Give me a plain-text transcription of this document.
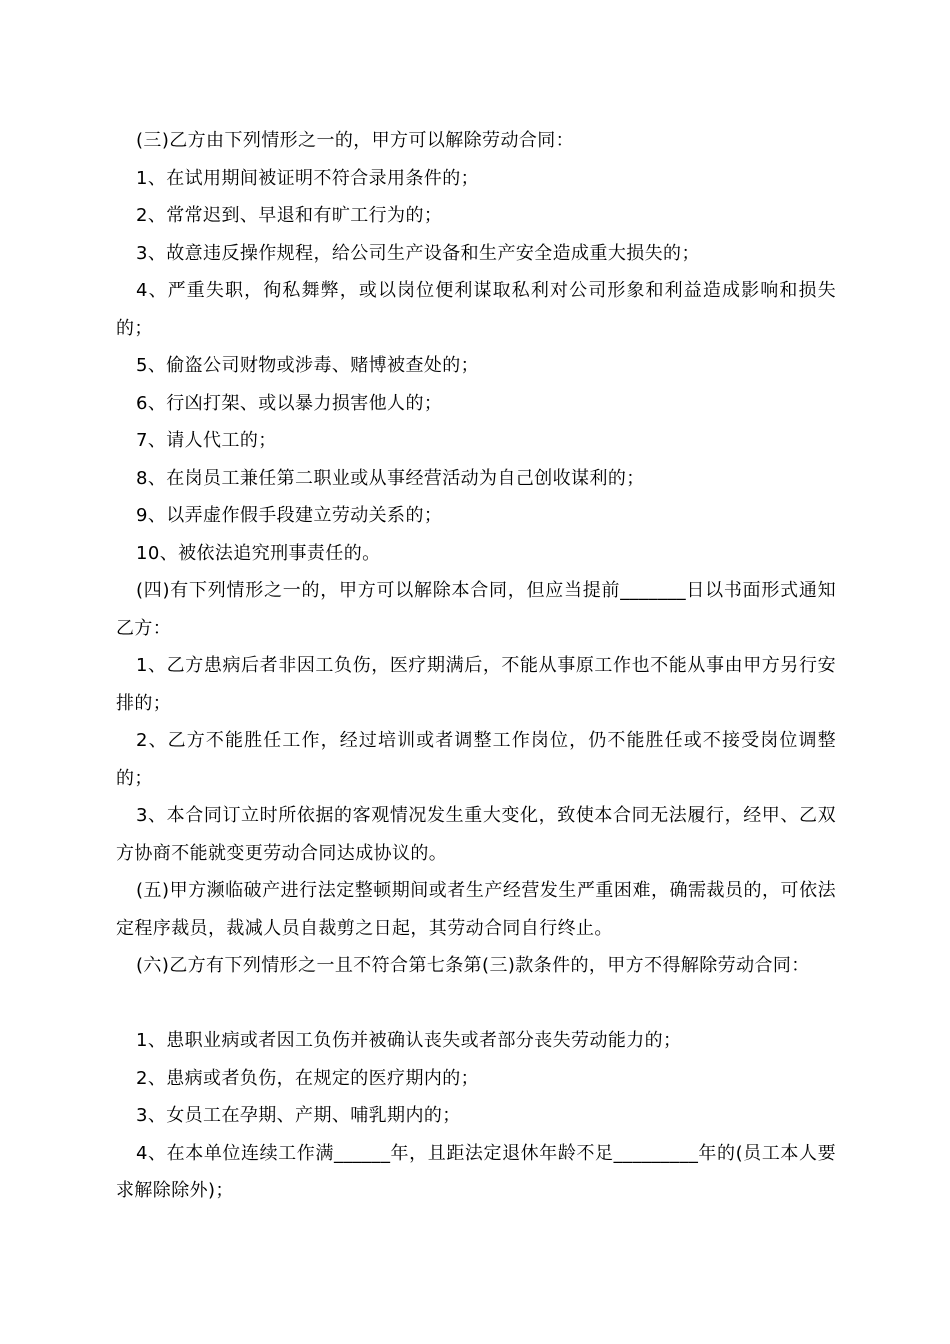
(三)乙方由下列情形之一的，甲方可以解除劳动合同：

1、在试用期间被证明不符合录用条件的；

2、常常迟到、早退和有旷工行为的；

3、故意违反操作规程，给公司生产设备和生产安全造成重大损失的；

4、严重失职，徇私舞弊，或以岗位便利谋取私利对公司形象和利益造成影响和损失的；

5、偷盗公司财物或涉毒、赌博被查处的；

6、行凶打架、或以暴力损害他人的；

7、请人代工的；

8、在岗员工兼任第二职业或从事经营活动为自己创收谋利的；

9、以弄虚作假手段建立劳动关系的；

10、被依法追究刑事责任的。

(四)有下列情形之一的，甲方可以解除本合同，但应当提前_______日以书面形式通知乙方：

1、乙方患病后者非因工负伤，医疗期满后，不能从事原工作也不能从事由甲方另行安排的；

2、乙方不能胜任工作，经过培训或者调整工作岗位，仍不能胜任或不接受岗位调整的；

3、本合同订立时所依据的客观情况发生重大变化，致使本合同无法履行，经甲、乙双方协商不能就变更劳动合同达成协议的。

(五)甲方濒临破产进行法定整顿期间或者生产经营发生严重困难，确需裁员的，可依法定程序裁员，裁减人员自裁剪之日起，其劳动合同自行终止。

(六)乙方有下列情形之一且不符合第七条第(三)款条件的，甲方不得解除劳动合同：

1、患职业病或者因工负伤并被确认丧失或者部分丧失劳动能力的；

2、患病或者负伤，在规定的医疗期内的；

3、女员工在孕期、产期、哺乳期内的；

4、在本单位连续工作满______年，且距法定退休年龄不足_________年的(员工本人要求解除除外)；
